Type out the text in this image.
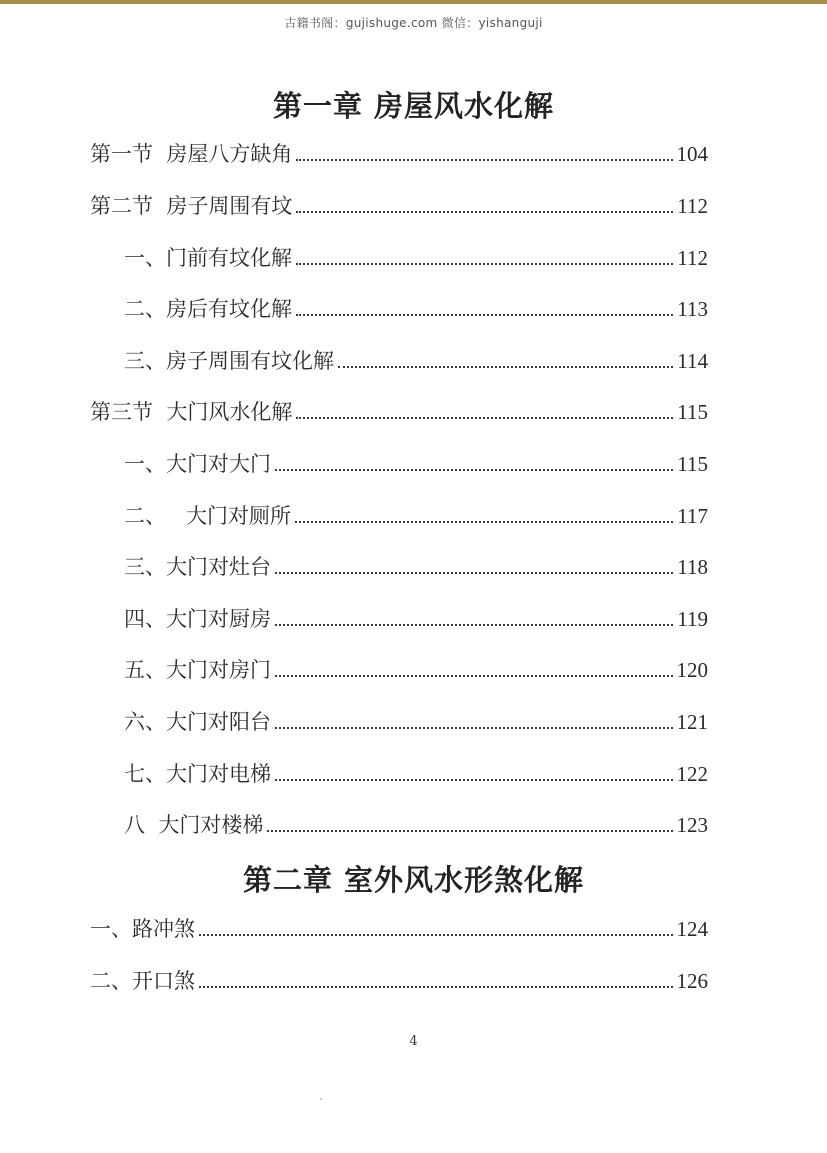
古籍书阁：gujishuge.com 微信：yishanguji
第一章 房屋风水化解
第一节  房屋八方缺角	104
第二节  房子周围有坟	112
一、门前有坟化解	112
二、房后有坟化解	113
三、房子周围有坟化解	114
第三节  大门风水化解	115
一、大门对大门	115
二、   大门对厕所	117
三、大门对灶台	118
四、大门对厨房	119
五、大门对房门	120
六、大门对阳台	121
七、大门对电梯	122
八  大门对楼梯	123
第二章 室外风水形煞化解
一、路冲煞	124
二、开口煞	126
4
